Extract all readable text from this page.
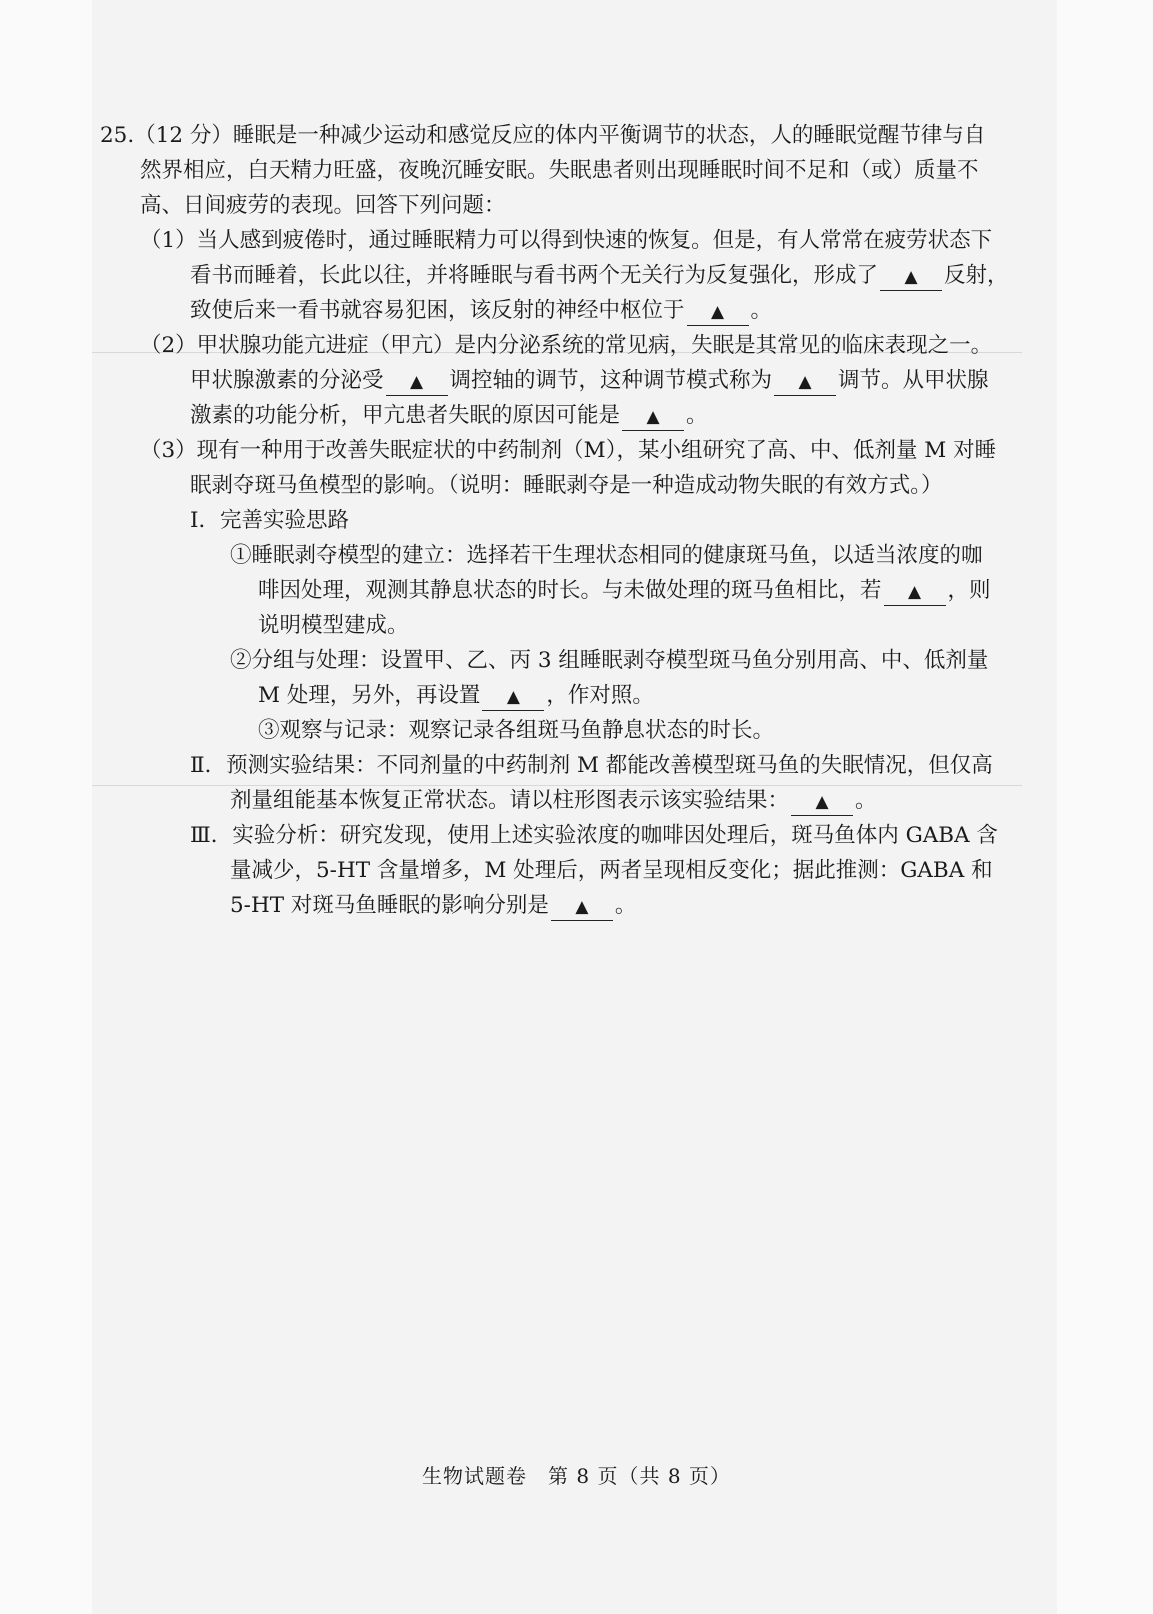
25.（12 分）睡眠是一种减少运动和感觉反应的体内平衡调节的状态，人的睡眠觉醒节律与自
然界相应，白天精力旺盛，夜晚沉睡安眠。失眠患者则出现睡眠时间不足和（或）质量不
高、日间疲劳的表现。回答下列问题：
（1）当人感到疲倦时，通过睡眠精力可以得到快速的恢复。但是，有人常常在疲劳状态下
看书而睡着，长此以往，并将睡眠与看书两个无关行为反复强化，形成了 ▲ 反射，
致使后来一看书就容易犯困，该反射的神经中枢位于 ▲ 。
（2）甲状腺功能亢进症（甲亢）是内分泌系统的常见病，失眠是其常见的临床表现之一。
甲状腺激素的分泌受 ▲ 调控轴的调节，这种调节模式称为 ▲ 调节。从甲状腺
激素的功能分析，甲亢患者失眠的原因可能是 ▲ 。
（3）现有一种用于改善失眠症状的中药制剂（M），某小组研究了高、中、低剂量 M 对睡
眠剥夺斑马鱼模型的影响。（说明：睡眠剥夺是一种造成动物失眠的有效方式。）
Ⅰ．完善实验思路
①睡眠剥夺模型的建立：选择若干生理状态相同的健康斑马鱼，以适当浓度的咖
啡因处理，观测其静息状态的时长。与未做处理的斑马鱼相比，若 ▲ ，则
说明模型建成。
②分组与处理：设置甲、乙、丙 3 组睡眠剥夺模型斑马鱼分别用高、中、低剂量
M 处理，另外，再设置 ▲ ，作对照。
③观察与记录：观察记录各组斑马鱼静息状态的时长。
Ⅱ．预测实验结果：不同剂量的中药制剂 M 都能改善模型斑马鱼的失眠情况，但仅高
剂量组能基本恢复正常状态。请以柱形图表示该实验结果： ▲ 。
Ⅲ．实验分析：研究发现，使用上述实验浓度的咖啡因处理后，斑马鱼体内 GABA 含
量减少，5-HT 含量增多，M 处理后，两者呈现相反变化；据此推测：GABA 和
5-HT 对斑马鱼睡眠的影响分别是 ▲ 。
生物试题卷　第 8 页（共 8 页）
